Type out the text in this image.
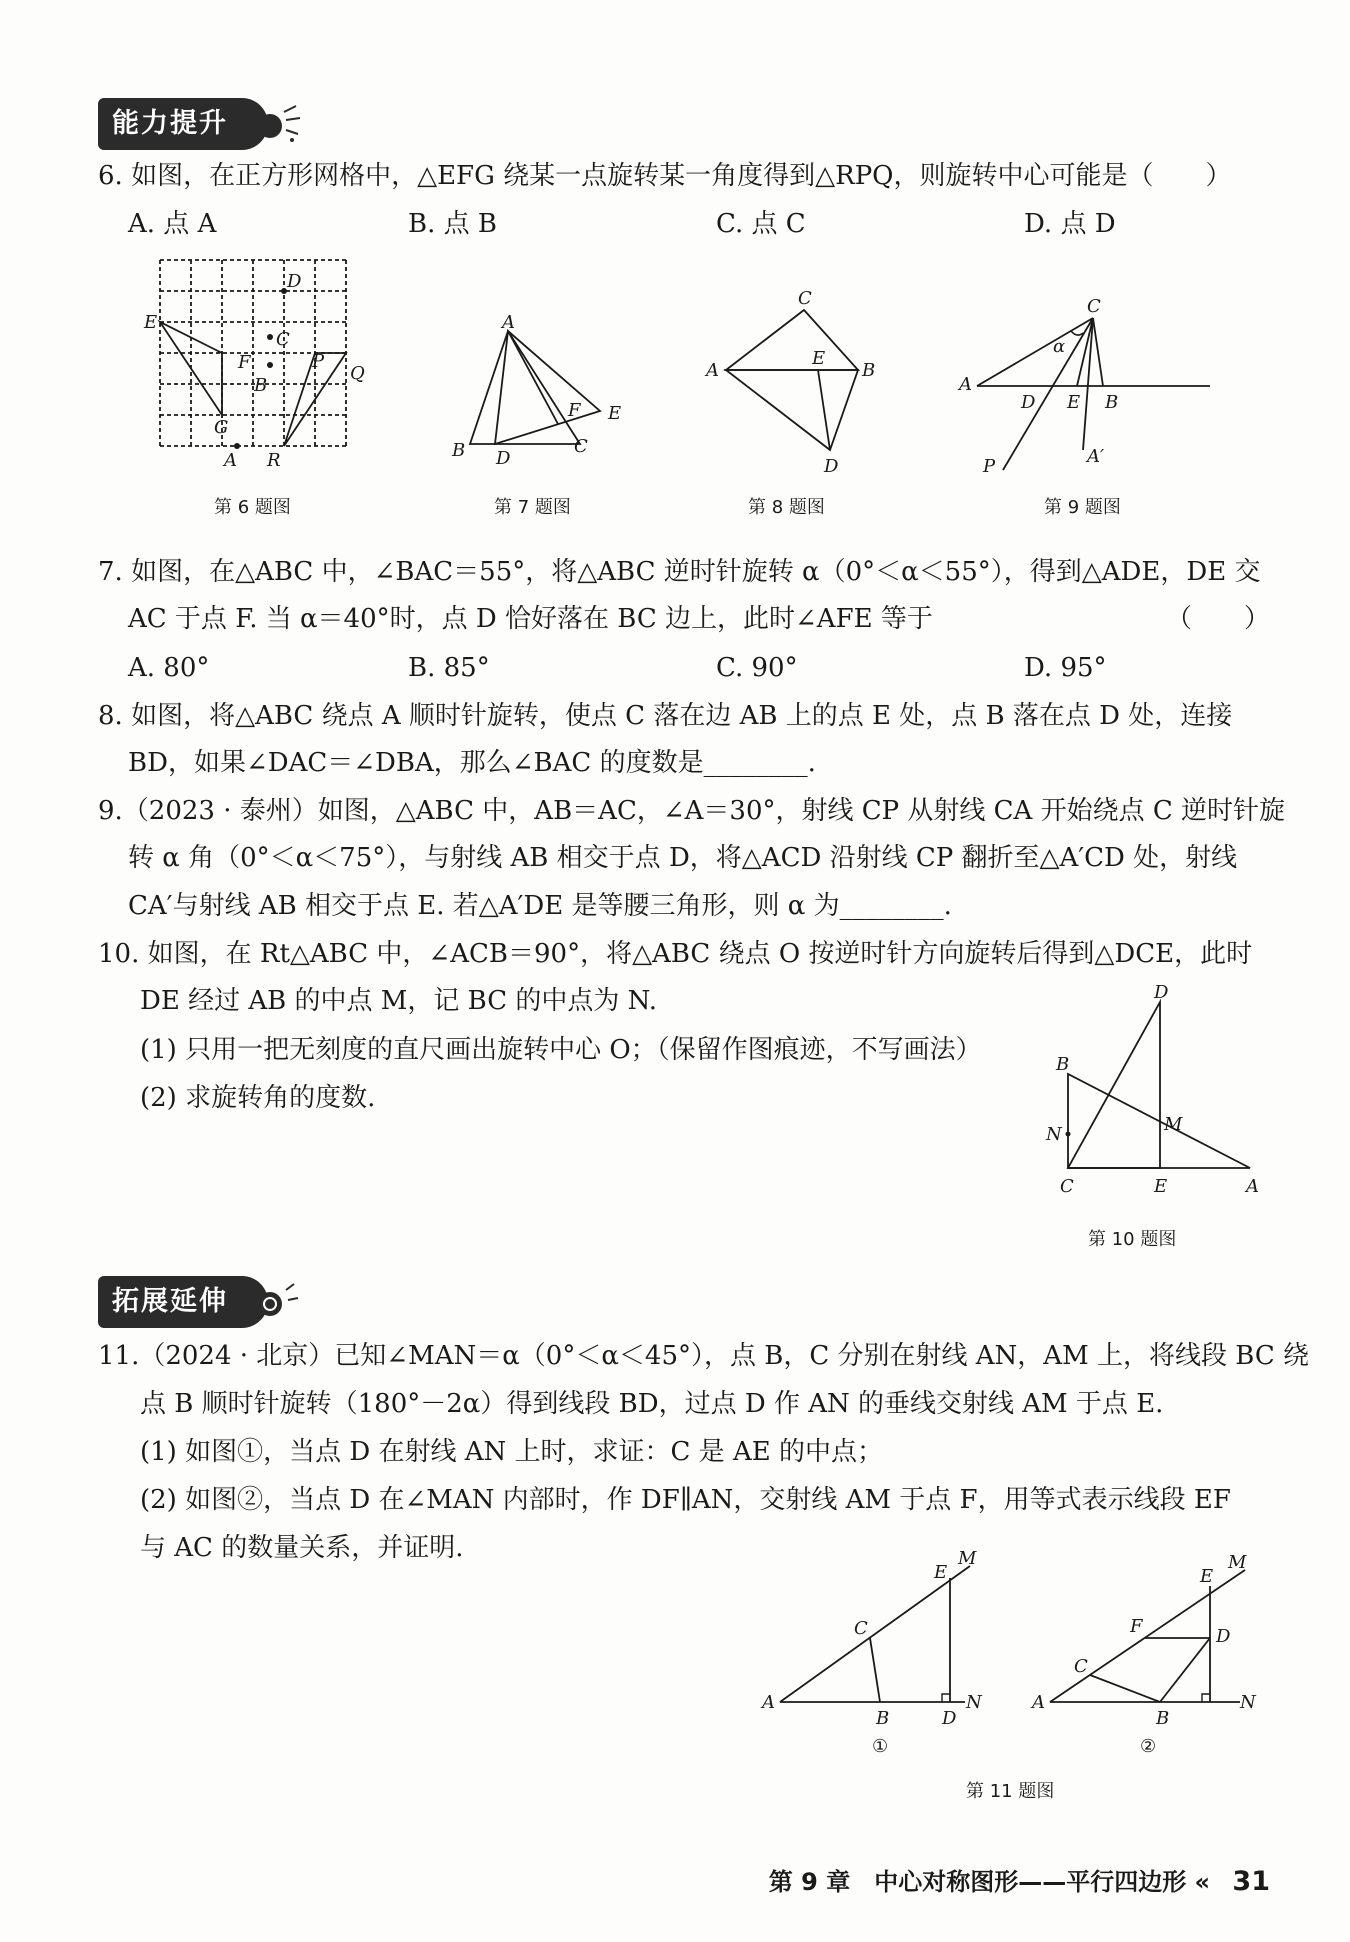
能力提升
6. 如图，在正方形网格中，△EFG 绕某一点旋转某一角度得到△RPQ，则旋转中心可能是（　　）
A. 点 A	B. 点 B	C. 点 C	D. 点 D
D
E
C
F	P
Q
B
G
A R
第 6 题图
A
F E
B D
C
第 7 题图
C
A
E
B
D
第 8 题图
C
α
A
D E B
P	A′
第 9 题图
7. 如图，在△ABC 中，∠BAC＝55°，将△ABC 逆时针旋转 α（0°＜α＜55°），得到△ADE，DE 交
AC 于点 F. 当 α＝40°时，点 D 恰好落在 BC 边上，此时∠AFE 等于	（　　）
A. 80°	B. 85°	C. 90°	D. 95°
8. 如图，将△ABC 绕点 A 顺时针旋转，使点 C 落在边 AB 上的点 E 处，点 B 落在点 D 处，连接
BD，如果∠DAC＝∠DBA，那么∠BAC 的度数是________.
9.（2023 · 泰州）如图，△ABC 中，AB＝AC，∠A＝30°，射线 CP 从射线 CA 开始绕点 C 逆时针旋
转 α 角（0°＜α＜75°），与射线 AB 相交于点 D，将△ACD 沿射线 CP 翻折至△A′CD 处，射线
CA′与射线 AB 相交于点 E. 若△A′DE 是等腰三角形，则 α 为________.
10. 如图，在 Rt△ABC 中，∠ACB＝90°，将△ABC 绕点 O 按逆时针方向旋转后得到△DCE，此时
DE 经过 AB 的中点 M，记 BC 的中点为 N.
(1) 只用一把无刻度的直尺画出旋转中心 O；（保留作图痕迹，不写画法）
(2) 求旋转角的度数.
D
B
M
N
C	E	A
第 10 题图
拓展延伸
11.（2024 · 北京）已知∠MAN＝α（0°＜α＜45°），点 B，C 分别在射线 AN，AM 上，将线段 BC 绕
点 B 顺时针旋转（180°－2α）得到线段 BD，过点 D 作 AN 的垂线交射线 AM 于点 E.
(1) 如图①，当点 D 在射线 AN 上时，求证：C 是 AE 的中点；
(2) 如图②，当点 D 在∠MAN 内部时，作 DF∥AN，交射线 AM 于点 F，用等式表示线段 EF
与 AC 的数量关系，并证明.	M
E
C
A
B	D
N
①
M
E
F	D
C
A
B
N
②
第 11 题图
第 9 章　中心对称图形——平行四边形 « 31
